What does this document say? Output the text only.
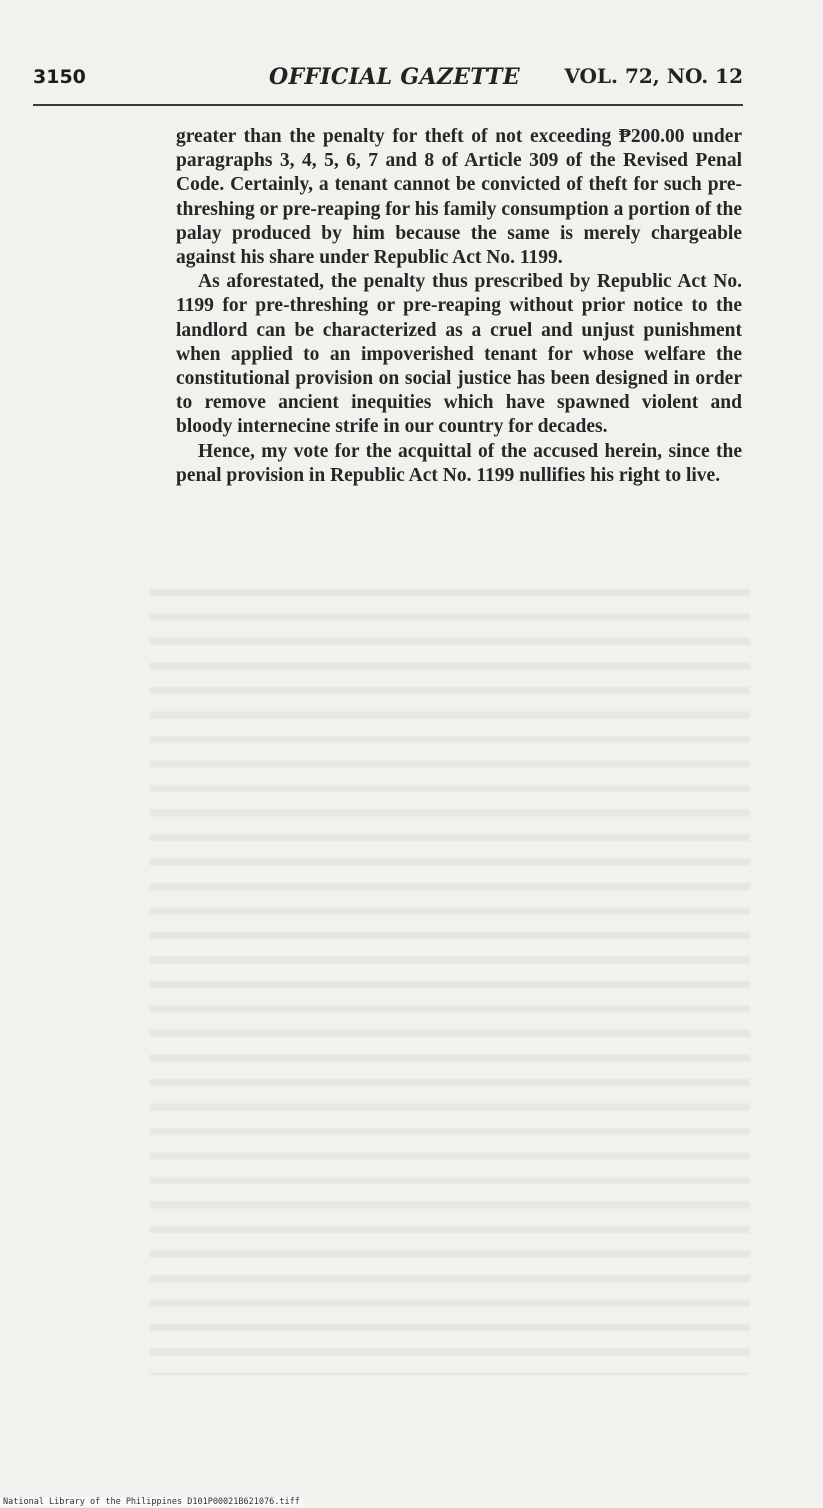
3150	OFFICIAL GAZETTE VOL. 72, NO. 12

greater than the penalty for theft of not exceeding ₱200.00 under paragraphs 3, 4, 5, 6, 7 and 8 of Article 309 of the Revised Penal Code. Certainly, a tenant cannot be convicted of theft for such pre-threshing or pre-reaping for his family consumption a portion of the palay produced by him because the same is merely chargeable against his share under Republic Act No. 1199.

As aforestated, the penalty thus prescribed by Republic Act No. 1199 for pre-threshing or pre-reaping without prior notice to the landlord can be characterized as a cruel and unjust punishment when applied to an impoverished tenant for whose welfare the constitutional provision on social justice has been designed in order to remove ancient inequities which have spawned violent and bloody internecine strife in our country for decades.

Hence, my vote for the acquittal of the accused herein, since the penal provision in Republic Act No. 1199 nullifies his right to live.

National Library of the Philippines D101P00021B621076.tiff
